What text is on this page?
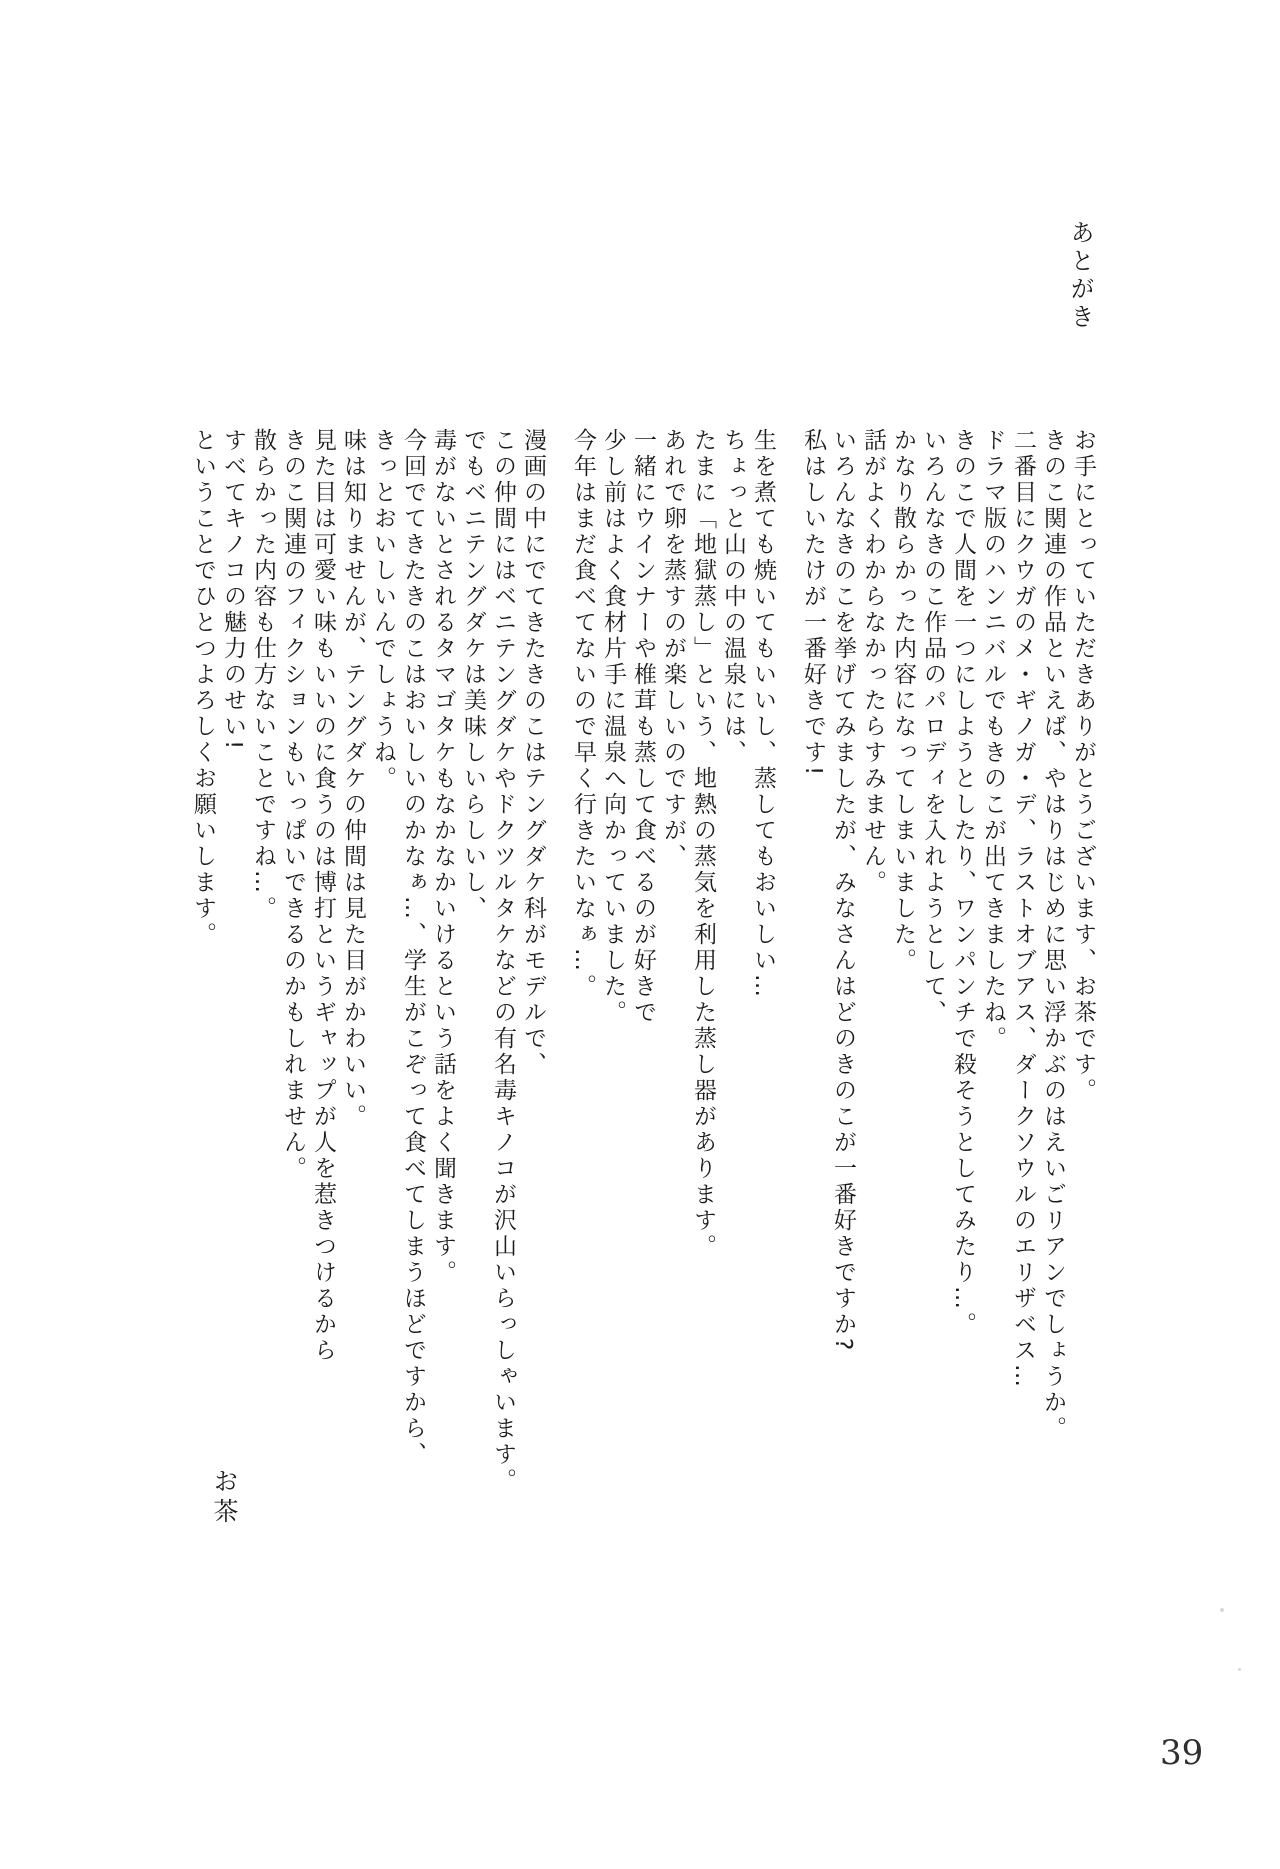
あとがき

お手にとっていただきありがとうございます、お茶です。

きのこ関連の作品といえば、やはりはじめに思い浮かぶのはえいごリアンでしょうか。

二番目にクウガのメ・ギノガ・デ、ラストオブアス、ダークソウルのエリザベス…

ドラマ版のハンニバルでもきのこが出てきましたね。

きのこで人間を一つにしようとしたり、ワンパンチで殺そうとしてみたり…。

いろんなきのこ作品のパロディを入れようとして、

かなり散らかった内容になってしまいました。

話がよくわからなかったらすみません。

いろんなきのこを挙げてみましたが、みなさんはどのきのこが一番好きですか?

私はしいたけが一番好きです!

生を煮ても焼いてもいいし、蒸してもおいしい…

ちょっと山の中の温泉には、

たまに「地獄蒸し」という、地熱の蒸気を利用した蒸し器があります。

あれで卵を蒸すのが楽しいのですが、

一緒にウインナーや椎茸も蒸して食べるのが好きで

少し前はよく食材片手に温泉へ向かっていました。

今年はまだ食べてないので早く行きたいなぁ…。

漫画の中にでてきたきのこはテングダケ科がモデルで、

この仲間にはベニテングダケやドクツルタケなどの有名毒キノコが沢山いらっしゃいます。

でもベニテングダケは美味しいらしいし、

毒がないとされるタマゴタケもなかなかいけるという話をよく聞きます。

今回でてきたきのこはおいしいのかなぁ…、学生がこぞって食べてしまうほどですから、

きっとおいしいんでしょうね。

味は知りませんが、テングダケの仲間は見た目がかわいい。

見た目は可愛い味もいいのに食うのは博打というギャップが人を惹きつけるから

きのこ関連のフィクションもいっぱいできるのかもしれません。

散らかった内容も仕方ないことですね…。

すべてキノコの魅力のせい!

ということでひとつよろしくお願いします。

お茶
39
